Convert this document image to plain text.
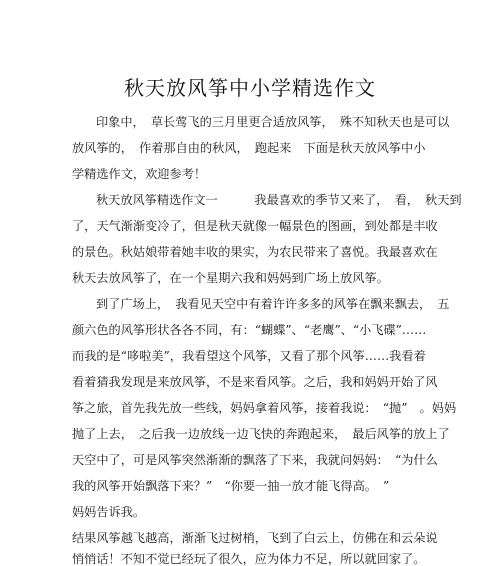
秋天放风筝中小学精选作文
印象中，　草长莺飞的三月里更合适放风筝，　殊不知秋天也是可以
放风筝的，　作着那自由的秋风，　跑起来　下面是秋天放风筝中小
学精选作文，欢迎参考！
秋天放风筝精选作文一　　　我最喜欢的季节又来了，　看，　秋天到
了，天气渐渐变冷了，但是秋天就像一幅景色的图画，到处都是丰收
的景色。秋姑娘带着她丰收的果实，为农民带来了喜悦。我最喜欢在
秋天去放风筝了，在一个星期六我和妈妈到广场上放风筝。
到了广场上，　我看见天空中有着许许多多的风筝在飘来飘去，　五
颜六色的风筝形状各各不同，有：“蝴蝶”、“老鹰”、“小飞碟”……
而我的是“哆啦美”，我看望这个风筝，又看了那个风筝……我看着
看着猜我发现是来放风筝，不是来看风筝。之后，我和妈妈开始了风
筝之旅，首先我先放一些线，妈妈拿着风筝，接着我说：　“抛”　。妈妈
抛了上去，　之后我一边放线一边飞快的奔跑起来，　最后风筝的放上了
天空中了，可是风筝突然渐渐的飘落了下来，我就问妈妈：　“为什么
我的风筝开始飘落下来？”　“你要一抽一放才能飞得高。　”
妈妈告诉我。
结果风筝越飞越高，渐渐飞过树梢，飞到了白云上，仿佛在和云朵说
悄悄话！不知不觉已经玩了很久，应为体力不足，所以就回家了。
